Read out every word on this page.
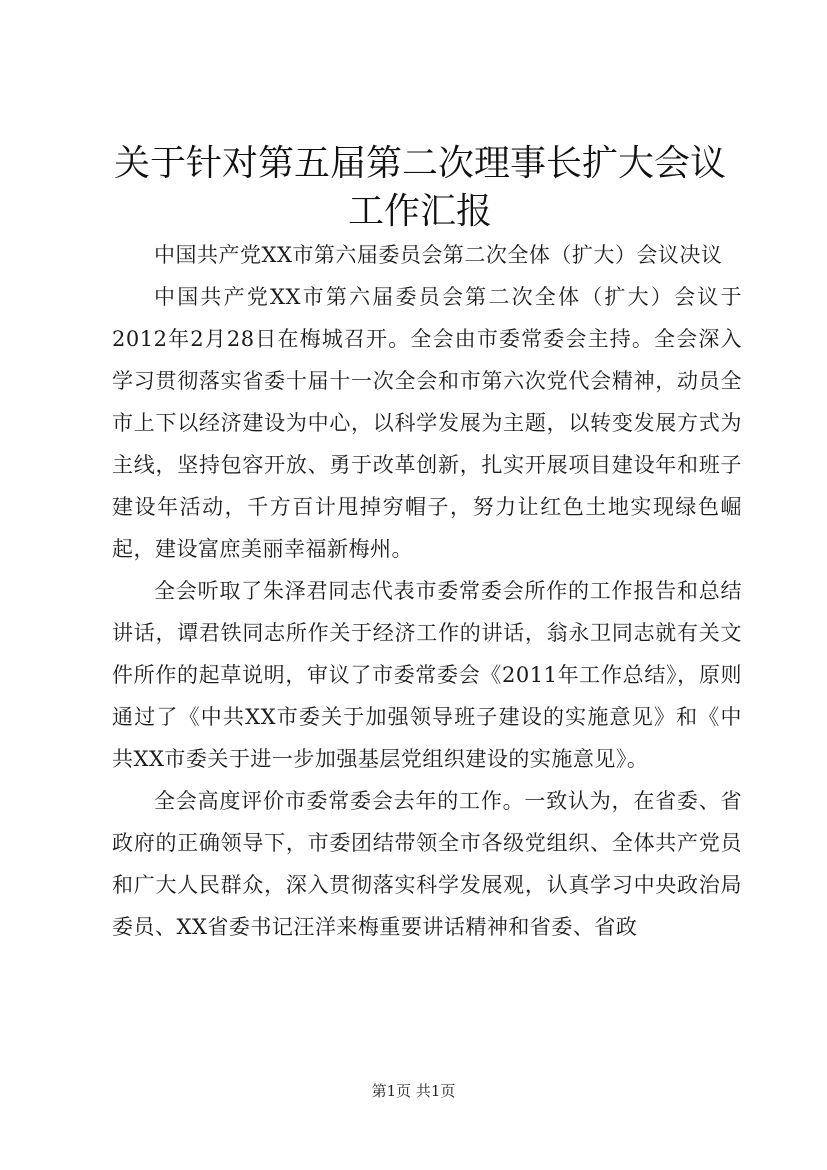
关于针对第五届第二次理事长扩大会议工作汇报

中国共产党XX市第六届委员会第二次全体（扩大）会议决议

中国共产党XX市第六届委员会第二次全体（扩大）会议于2012年2月28日在梅城召开。全会由市委常委会主持。全会深入学习贯彻落实省委十届十一次全会和市第六次党代会精神，动员全市上下以经济建设为中心，以科学发展为主题，以转变发展方式为主线，坚持包容开放、勇于改革创新，扎实开展项目建设年和班子建设年活动，千方百计甩掉穷帽子，努力让红色土地实现绿色崛起，建设富庶美丽幸福新梅州。

全会听取了朱泽君同志代表市委常委会所作的工作报告和总结讲话，谭君铁同志所作关于经济工作的讲话，翁永卫同志就有关文件所作的起草说明，审议了市委常委会《2011年工作总结》，原则通过了《中共XX市委关于加强领导班子建设的实施意见》和《中共XX市委关于进一步加强基层党组织建设的实施意见》。

全会高度评价市委常委会去年的工作。一致认为，在省委、省政府的正确领导下，市委团结带领全市各级党组织、全体共产党员和广大人民群众，深入贯彻落实科学发展观，认真学习中央政治局委员、XX省委书记汪洋来梅重要讲话精神和省委、省政

第1页 共1页
